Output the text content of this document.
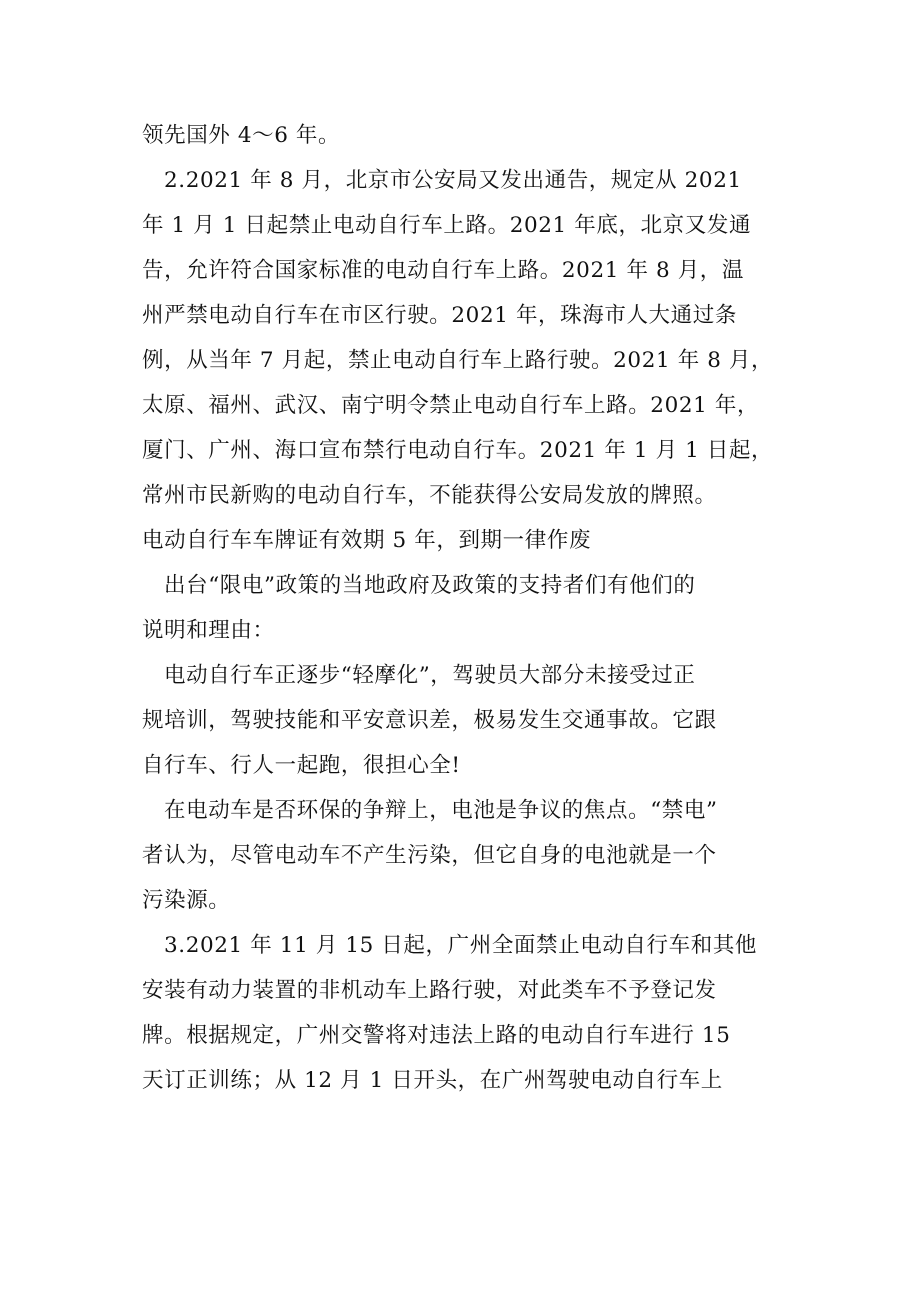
领先国外 4～6 年。
2.2021 年 8 月，北京市公安局又发出通告，规定从 2021
年 1 月 1 日起禁止电动自行车上路。2021 年底，北京又发通
告，允许符合国家标准的电动自行车上路。2021 年 8 月，温
州严禁电动自行车在市区行驶。2021 年，珠海市人大通过条
例，从当年 7 月起，禁止电动自行车上路行驶。2021 年 8 月，
太原、福州、武汉、南宁明令禁止电动自行车上路。2021 年，
厦门、广州、海口宣布禁行电动自行车。2021 年 1 月 1 日起，
常州市民新购的电动自行车，不能获得公安局发放的牌照。
电动自行车车牌证有效期 5 年，到期一律作废
出台“限电”政策的当地政府及政策的支持者们有他们的
说明和理由：
电动自行车正逐步“轻摩化”，驾驶员大部分未接受过正
规培训，驾驶技能和平安意识差，极易发生交通事故。它跟
自行车、行人一起跑，很担心全!
在电动车是否环保的争辩上，电池是争议的焦点。“禁电”
者认为，尽管电动车不产生污染，但它自身的电池就是一个
污染源。
3.2021 年 11 月 15 日起，广州全面禁止电动自行车和其他
安装有动力装置的非机动车上路行驶，对此类车不予登记发
牌。根据规定，广州交警将对违法上路的电动自行车进行 15
天订正训练；从 12 月 1 日开头，在广州驾驶电动自行车上
